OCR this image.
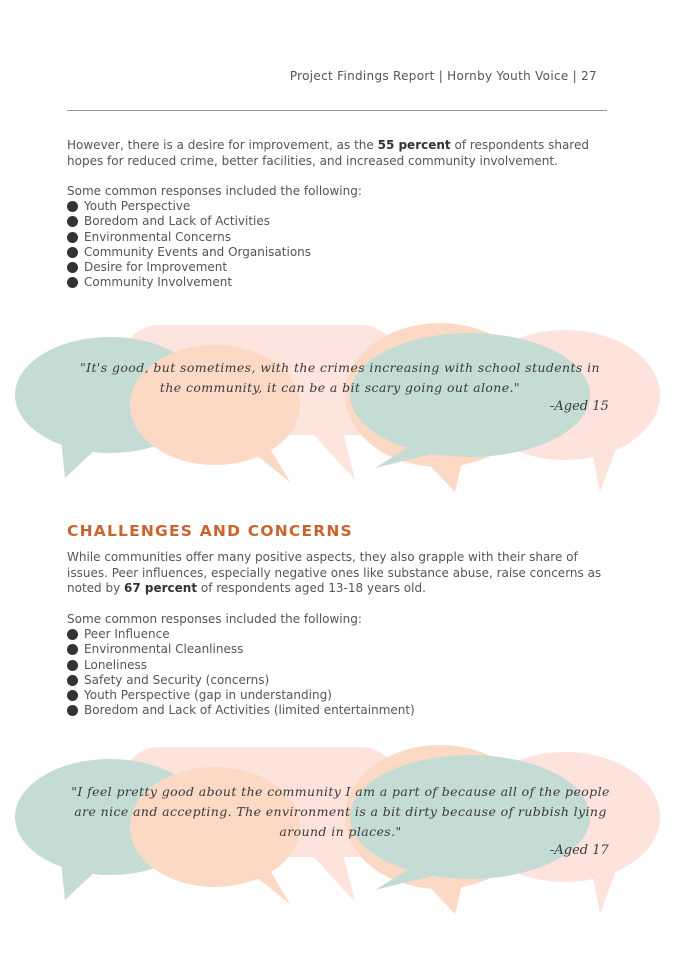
Project Findings Report | Hornby Youth Voice | 27

However, there is a desire for improvement, as the 55 percent of respondents shared hopes for reduced crime, better facilities, and increased community involvement.

Some common responses included the following:

Youth Perspective
Boredom and Lack of Activities
Environmental Concerns
Community Events and Organisations
Desire for Improvement
Community Involvement
"It's good, but sometimes, with the crimes increasing with school students in the community, it can be a bit scary going out alone."
-Aged 15
CHALLENGES AND CONCERNS

While communities offer many positive aspects, they also grapple with their share of issues. Peer influences, especially negative ones like substance abuse, raise concerns as noted by 67 percent of respondents aged 13-18 years old.

Some common responses included the following:

Peer Influence
Environmental Cleanliness
Loneliness
Safety and Security (concerns)
Youth Perspective (gap in understanding)
Boredom and Lack of Activities (limited entertainment)
"I feel pretty good about the community I am a part of because all of the people are nice and accepting. The environment is a bit dirty because of rubbish lying around in places."
-Aged 17
